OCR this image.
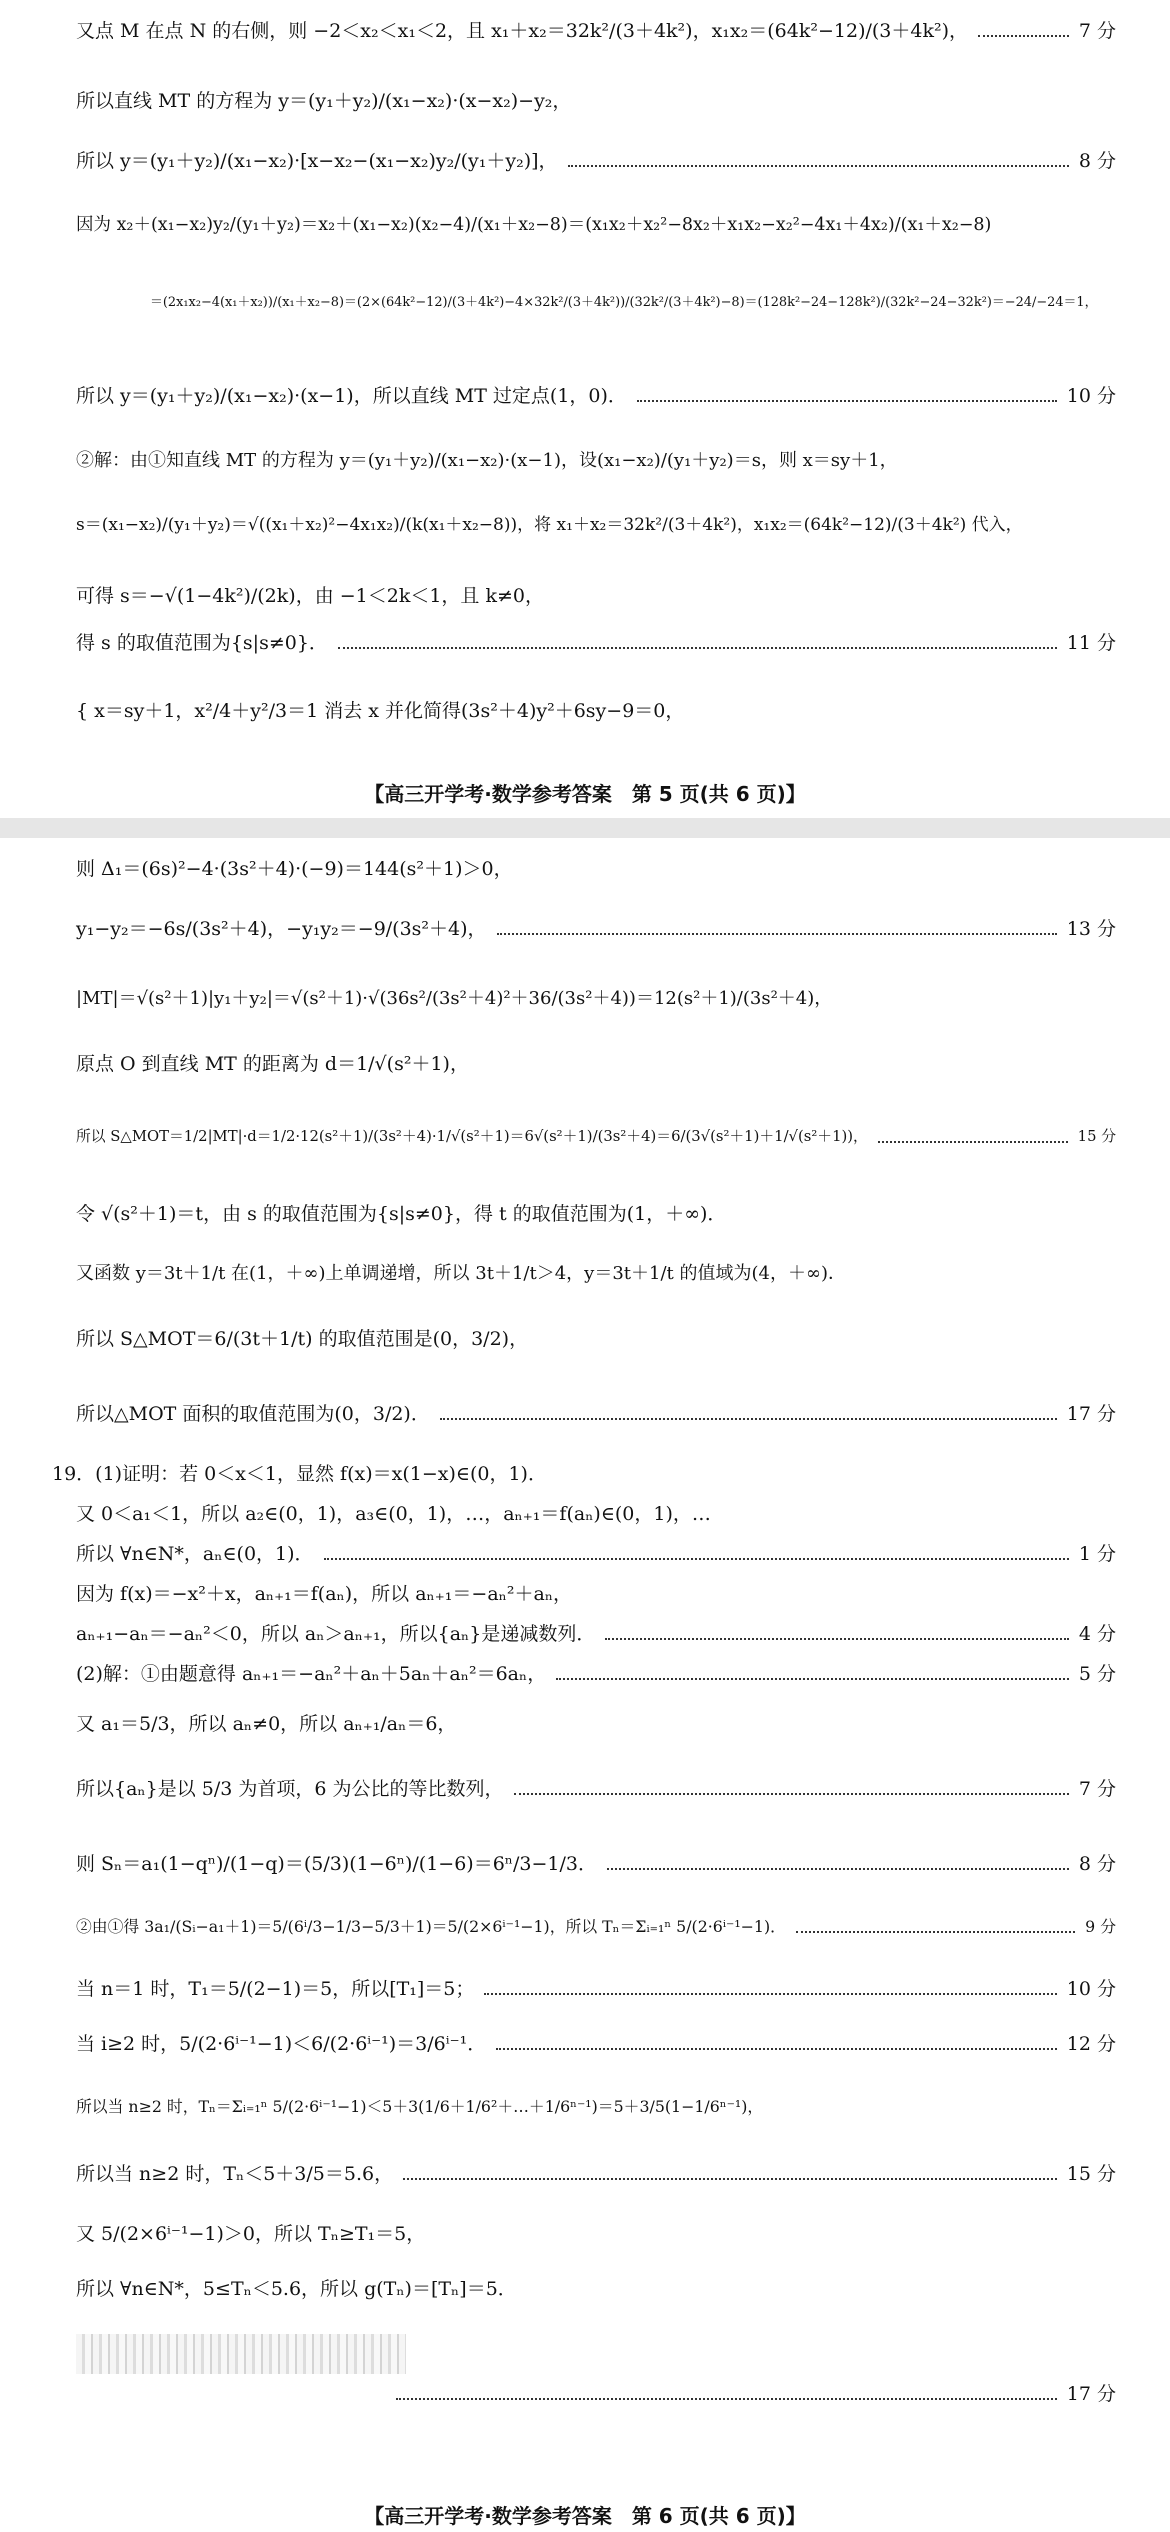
又点 M 在点 N 的右侧，则 −2＜x₂＜x₁＜2，且 x₁＋x₂＝32k²/(3＋4k²)，x₁x₂＝(64k²−12)/(3＋4k²)，	7 分
所以直线 MT 的方程为 y＝(y₁＋y₂)/(x₁−x₂)·(x−x₂)−y₂，
所以 y＝(y₁＋y₂)/(x₁−x₂)·[x−x₂−(x₁−x₂)y₂/(y₁＋y₂)]，	8 分
因为 x₂＋(x₁−x₂)y₂/(y₁＋y₂)＝x₂＋(x₁−x₂)(x₂−4)/(x₁＋x₂−8)＝(x₁x₂＋x₂²−8x₂＋x₁x₂−x₂²−4x₁＋4x₂)/(x₁＋x₂−8)
＝(2x₁x₂−4(x₁＋x₂))/(x₁＋x₂−8)＝(2×(64k²−12)/(3＋4k²)−4×32k²/(3＋4k²))/(32k²/(3＋4k²)−8)＝(128k²−24−128k²)/(32k²−24−32k²)＝−24/−24＝1，
所以 y＝(y₁＋y₂)/(x₁−x₂)·(x−1)，所以直线 MT 过定点(1，0)．	10 分
②解：由①知直线 MT 的方程为 y＝(y₁＋y₂)/(x₁−x₂)·(x−1)，设(x₁−x₂)/(y₁＋y₂)＝s，则 x＝sy＋1，
s＝(x₁−x₂)/(y₁＋y₂)＝√((x₁＋x₂)²−4x₁x₂)/(k(x₁＋x₂−8))，将 x₁＋x₂＝32k²/(3＋4k²)，x₁x₂＝(64k²−12)/(3＋4k²) 代入，
可得 s＝−√(1−4k²)/(2k)，由 −1＜2k＜1，且 k≠0，
得 s 的取值范围为{s|s≠0}．	11 分
{ x＝sy＋1，x²/4＋y²/3＝1 消去 x 并化简得(3s²＋4)y²＋6sy−9＝0，
【高三开学考·数学参考答案　第 5 页(共 6 页)】
则 Δ₁＝(6s)²−4·(3s²＋4)·(−9)＝144(s²＋1)＞0，
y₁−y₂＝−6s/(3s²＋4)，−y₁y₂＝−9/(3s²＋4)，	13 分
|MT|＝√(s²＋1)|y₁＋y₂|＝√(s²＋1)·√(36s²/(3s²＋4)²＋36/(3s²＋4))＝12(s²＋1)/(3s²＋4)，
原点 O 到直线 MT 的距离为 d＝1/√(s²＋1)，
所以 S△MOT＝1/2|MT|·d＝1/2·12(s²＋1)/(3s²＋4)·1/√(s²＋1)＝6√(s²＋1)/(3s²＋4)＝6/(3√(s²＋1)＋1/√(s²＋1))，	15 分
令 √(s²＋1)＝t，由 s 的取值范围为{s|s≠0}，得 t 的取值范围为(1，＋∞)．
又函数 y＝3t＋1/t 在(1，＋∞)上单调递增，所以 3t＋1/t＞4，y＝3t＋1/t 的值域为(4，＋∞)．
所以 S△MOT＝6/(3t＋1/t) 的取值范围是(0，3/2)，
所以△MOT 面积的取值范围为(0，3/2)．	17 分
19．(1)证明：若 0＜x＜1，显然 f(x)＝x(1−x)∈(0，1)．
又 0＜a₁＜1，所以 a₂∈(0，1)，a₃∈(0，1)，…，aₙ₊₁＝f(aₙ)∈(0，1)，…
所以 ∀n∈N*，aₙ∈(0，1)．	1 分
因为 f(x)＝−x²＋x，aₙ₊₁＝f(aₙ)，所以 aₙ₊₁＝−aₙ²＋aₙ，
aₙ₊₁−aₙ＝−aₙ²＜0，所以 aₙ＞aₙ₊₁，所以{aₙ}是递减数列．	4 分
(2)解：①由题意得 aₙ₊₁＝−aₙ²＋aₙ＋5aₙ＋aₙ²＝6aₙ，	5 分
又 a₁＝5/3，所以 aₙ≠0，所以 aₙ₊₁/aₙ＝6，
所以{aₙ}是以 5/3 为首项，6 为公比的等比数列，	7 分
则 Sₙ＝a₁(1−qⁿ)/(1−q)＝(5/3)(1−6ⁿ)/(1−6)＝6ⁿ/3−1/3．	8 分
②由①得 3a₁/(Sᵢ−a₁＋1)＝5/(6ⁱ/3−1/3−5/3＋1)＝5/(2×6ⁱ⁻¹−1)，所以 Tₙ＝Σᵢ₌₁ⁿ 5/(2·6ⁱ⁻¹−1)．	9 分
当 n＝1 时，T₁＝5/(2−1)＝5，所以[T₁]＝5；	10 分
当 i≥2 时，5/(2·6ⁱ⁻¹−1)＜6/(2·6ⁱ⁻¹)＝3/6ⁱ⁻¹．	12 分
所以当 n≥2 时，Tₙ＝Σᵢ₌₁ⁿ 5/(2·6ⁱ⁻¹−1)＜5＋3(1/6＋1/6²＋…＋1/6ⁿ⁻¹)＝5＋3/5(1−1/6ⁿ⁻¹)，
所以当 n≥2 时，Tₙ＜5＋3/5＝5.6，	15 分
又 5/(2×6ⁱ⁻¹−1)＞0，所以 Tₙ≥T₁＝5，
所以 ∀n∈N*，5≤Tₙ＜5.6，所以 g(Tₙ)＝[Tₙ]＝5．
17 分
【高三开学考·数学参考答案　第 6 页(共 6 页)】
